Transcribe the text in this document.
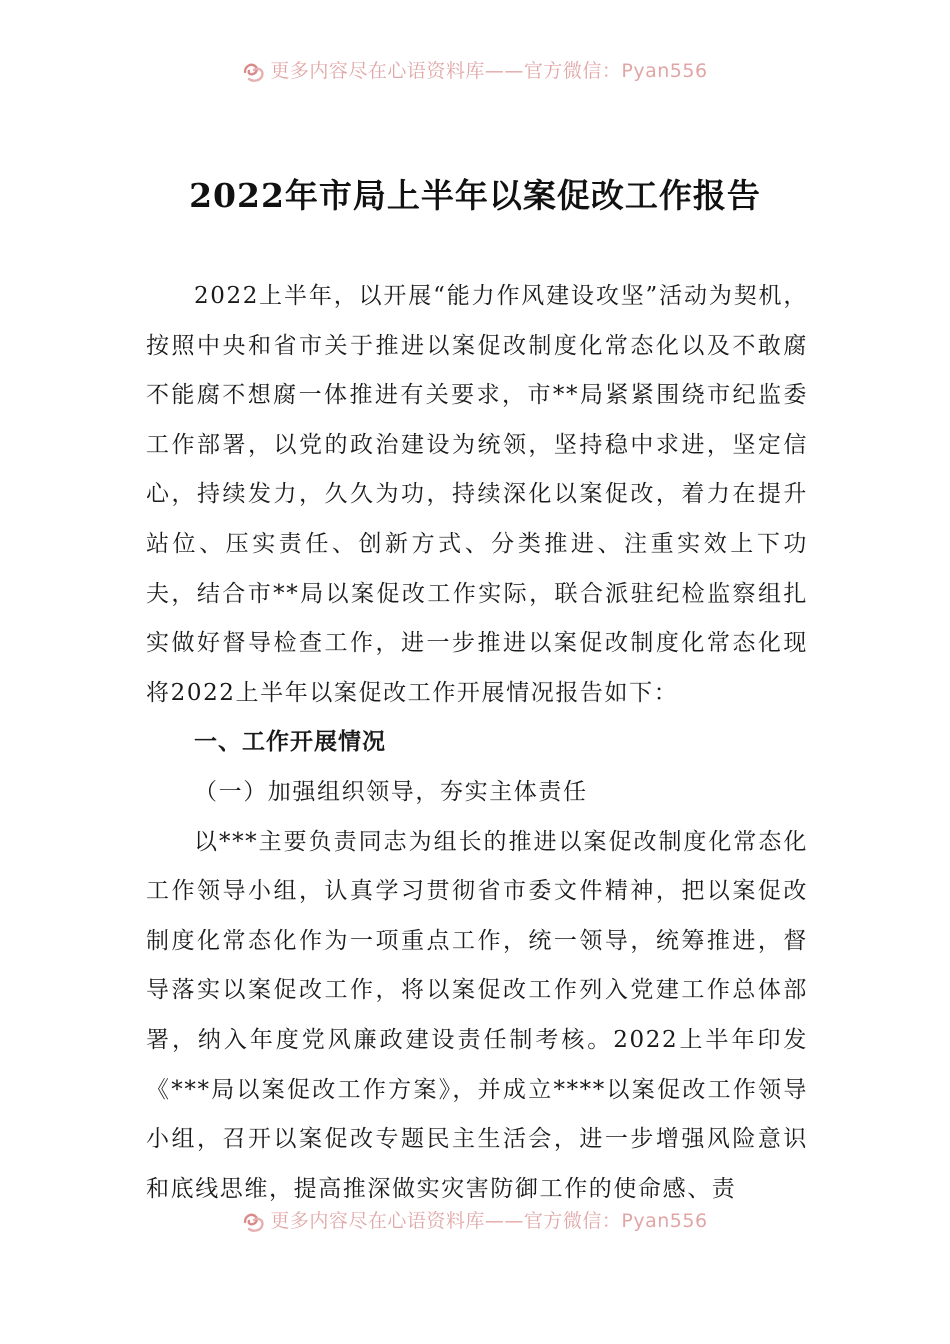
更多内容尽在心语资料库——官方微信：Pyan556
2022年市局上半年以案促改工作报告

2022上半年，以开展“能力作风建设攻坚”活动为契机，按照中央和省市关于推进以案促改制度化常态化以及不敢腐不能腐不想腐一体推进有关要求，市**局紧紧围绕市纪监委工作部署，以党的政治建设为统领，坚持稳中求进，坚定信心，持续发力，久久为功，持续深化以案促改，着力在提升站位、压实责任、创新方式、分类推进、注重实效上下功夫，结合市**局以案促改工作实际，联合派驻纪检监察组扎实做好督导检查工作，进一步推进以案促改制度化常态化现将2022上半年以案促改工作开展情况报告如下：

一、工作开展情况
（一）加强组织领导，夯实主体责任

以***主要负责同志为组长的推进以案促改制度化常态化工作领导小组，认真学习贯彻省市委文件精神，把以案促改制度化常态化作为一项重点工作，统一领导，统筹推进，督导落实以案促改工作，将以案促改工作列入党建工作总体部署，纳入年度党风廉政建设责任制考核。2022上半年印发《***局以案促改工作方案》，并成立****以案促改工作领导小组，召开以案促改专题民主生活会，进一步增强风险意识和底线思维，提高推深做实灾害防御工作的使命感、责

更多内容尽在心语资料库——官方微信：Pyan556
